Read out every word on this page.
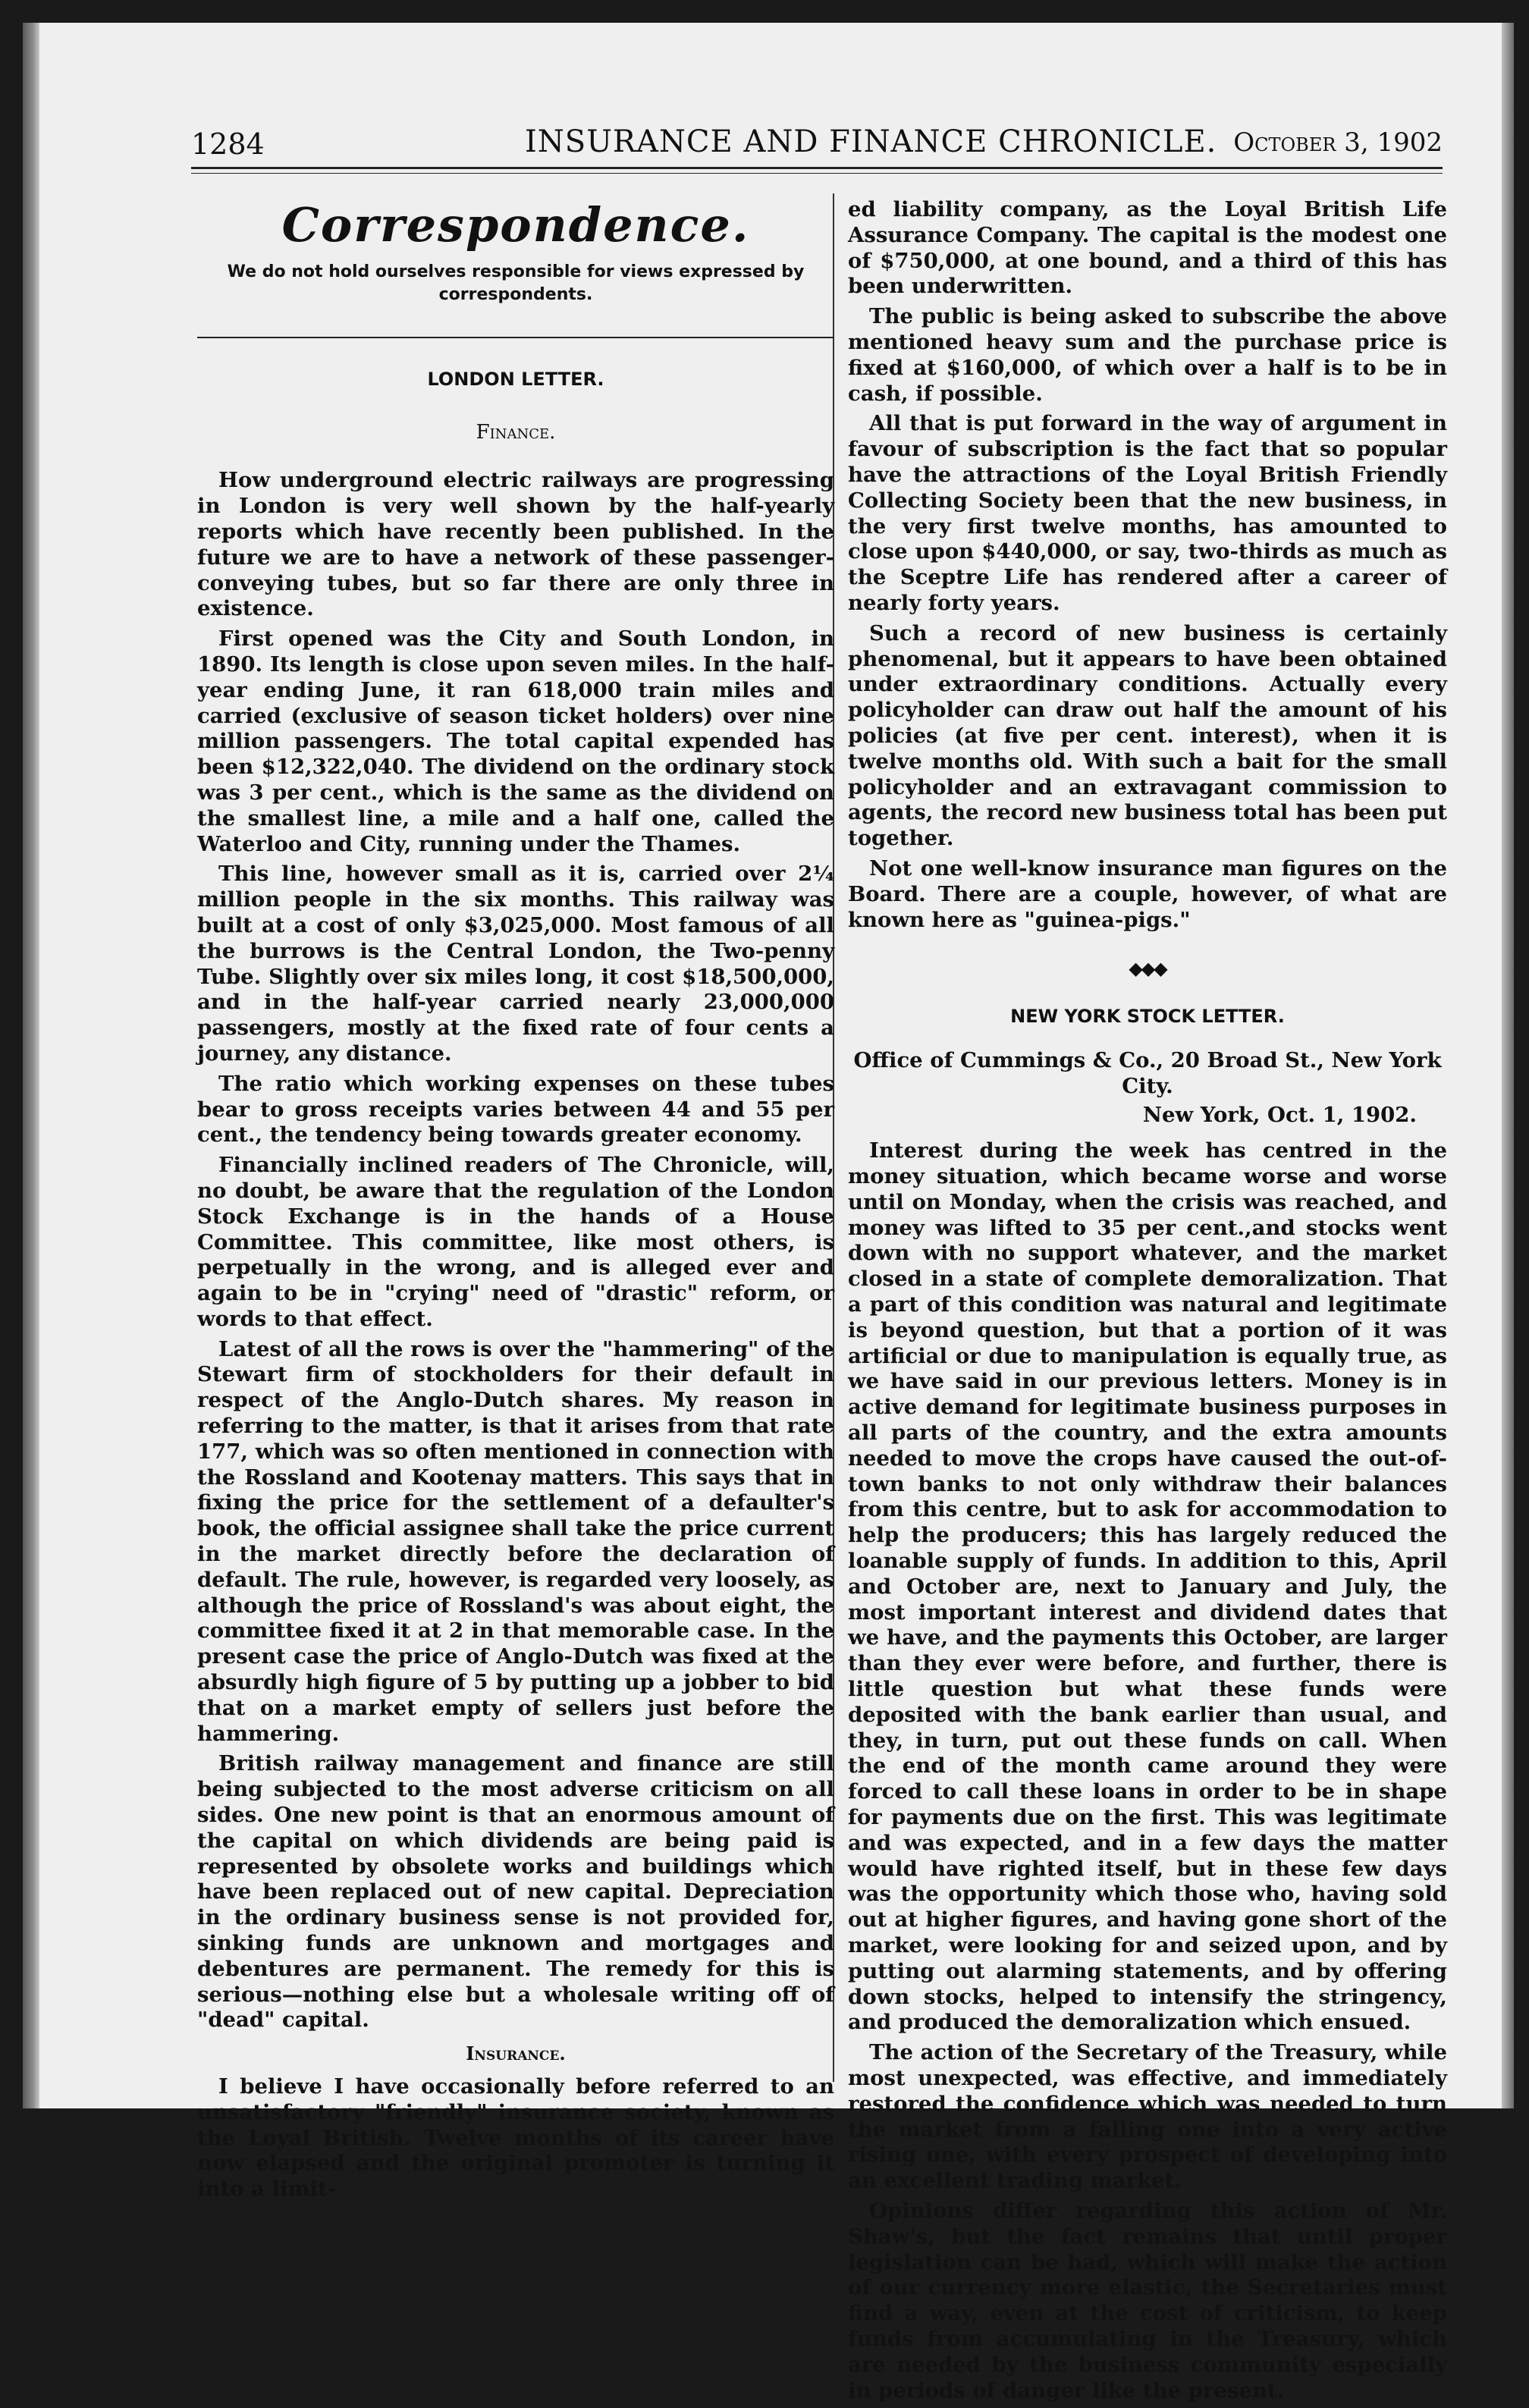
1284	INSURANCE AND FINANCE CHRONICLE. October 3, 1902
Correspondence.
We do not hold ourselves responsible for views expressed by correspondents.
LONDON LETTER.
Finance.

How underground electric railways are progressing in London is very well shown by the half-yearly reports which have recently been published. In the future we are to have a network of these passenger-conveying tubes, but so far there are only three in existence.

First opened was the City and South London, in 1890. Its length is close upon seven miles. In the half-year ending June, it ran 618,000 train miles and carried (exclusive of season ticket holders) over nine million passengers. The total capital expended has been $12,322,040. The dividend on the ordinary stock was 3 per cent., which is the same as the dividend on the smallest line, a mile and a half one, called the Waterloo and City, running under the Thames.

This line, however small as it is, carried over 2¼ million people in the six months. This railway was built at a cost of only $3,025,000. Most famous of all the burrows is the Central London, the Two-penny Tube. Slightly over six miles long, it cost $18,500,000, and in the half-year carried nearly 23,000,000 passengers, mostly at the fixed rate of four cents a journey, any distance.

The ratio which working expenses on these tubes bear to gross receipts varies between 44 and 55 per cent., the tendency being towards greater economy.

Financially inclined readers of The Chronicle, will, no doubt, be aware that the regulation of the London Stock Exchange is in the hands of a House Committee. This committee, like most others, is perpetually in the wrong, and is alleged ever and again to be in "crying" need of "drastic" reform, or words to that effect.

Latest of all the rows is over the "hammering" of the Stewart firm of stockholders for their default in respect of the Anglo-Dutch shares. My reason in referring to the matter, is that it arises from that rate 177, which was so often mentioned in connection with the Rossland and Kootenay matters. This says that in fixing the price for the settlement of a defaulter's book, the official assignee shall take the price current in the market directly before the declaration of default. The rule, however, is regarded very loosely, as although the price of Rossland's was about eight, the committee fixed it at 2 in that memorable case. In the present case the price of Anglo-Dutch was fixed at the absurdly high figure of 5 by putting up a jobber to bid that on a market empty of sellers just before the hammering.

British railway management and finance are still being subjected to the most adverse criticism on all sides. One new point is that an enormous amount of the capital on which dividends are being paid is represented by obsolete works and buildings which have been replaced out of new capital. Depreciation in the ordinary business sense is not provided for, sinking funds are unknown and mortgages and debentures are permanent. The remedy for this is serious—nothing else but a wholesale writing off of "dead" capital.

Insurance.

I believe I have occasionally before referred to an unsatisfactory "friendly" insurance society, known as the Loyal British. Twelve months of its career have now elapsed and the original promoter is turning it into a limit-

ed liability company, as the Loyal British Life Assurance Company. The capital is the modest one of $750,000, at one bound, and a third of this has been underwritten.

The public is being asked to subscribe the above mentioned heavy sum and the purchase price is fixed at $160,000, of which over a half is to be in cash, if possible.

All that is put forward in the way of argument in favour of subscription is the fact that so popular have the attractions of the Loyal British Friendly Collecting Society been that the new business, in the very first twelve months, has amounted to close upon $440,000, or say, two-thirds as much as the Sceptre Life has rendered after a career of nearly forty years.

Such a record of new business is certainly phenomenal, but it appears to have been obtained under extraordinary conditions. Actually every policyholder can draw out half the amount of his policies (at five per cent. interest), when it is twelve months old. With such a bait for the small policyholder and an extravagant commission to agents, the record new business total has been put together.

Not one well-know insurance man figures on the Board. There are a couple, however, of what are known here as "guinea-pigs."

◆◆◆
NEW YORK STOCK LETTER.
Office of Cummings & Co., 20 Broad St., New York City.
New York, Oct. 1, 1902.

Interest during the week has centred in the money situation, which became worse and worse until on Monday, when the crisis was reached, and money was lifted to 35 per cent.,and stocks went down with no support whatever, and the market closed in a state of complete demoralization. That a part of this condition was natural and legitimate is beyond question, but that a portion of it was artificial or due to manipulation is equally true, as we have said in our previous letters. Money is in active demand for legitimate business purposes in all parts of the country, and the extra amounts needed to move the crops have caused the out-of-town banks to not only withdraw their balances from this centre, but to ask for accommodation to help the producers; this has largely reduced the loanable supply of funds. In addition to this, April and October are, next to January and July, the most important interest and dividend dates that we have, and the payments this October, are larger than they ever were before, and further, there is little question but what these funds were deposited with the bank earlier than usual, and they, in turn, put out these funds on call. When the end of the month came around they were forced to call these loans in order to be in shape for payments due on the first. This was legitimate and was expected, and in a few days the matter would have righted itself, but in these few days was the opportunity which those who, having sold out at higher figures, and having gone short of the market, were looking for and seized upon, and by putting out alarming statements, and by offering down stocks, helped to intensify the stringency, and produced the demoralization which ensued.

The action of the Secretary of the Treasury, while most unexpected, was effective, and immediately restored the confidence which was needed to turn the market from a falling one into a very active rising one, with every prospect of developing into an excellent trading market.

Opinions differ regarding this action of Mr. Shaw's, but the fact remains that until proper legislation can be had, which will make the action of our currency more elastic, the Secretaries must find a way, even at the cost of criticism, to keep funds from accumulating in the Treasury, which are needed by the business community especially in periods of danger like the present.
